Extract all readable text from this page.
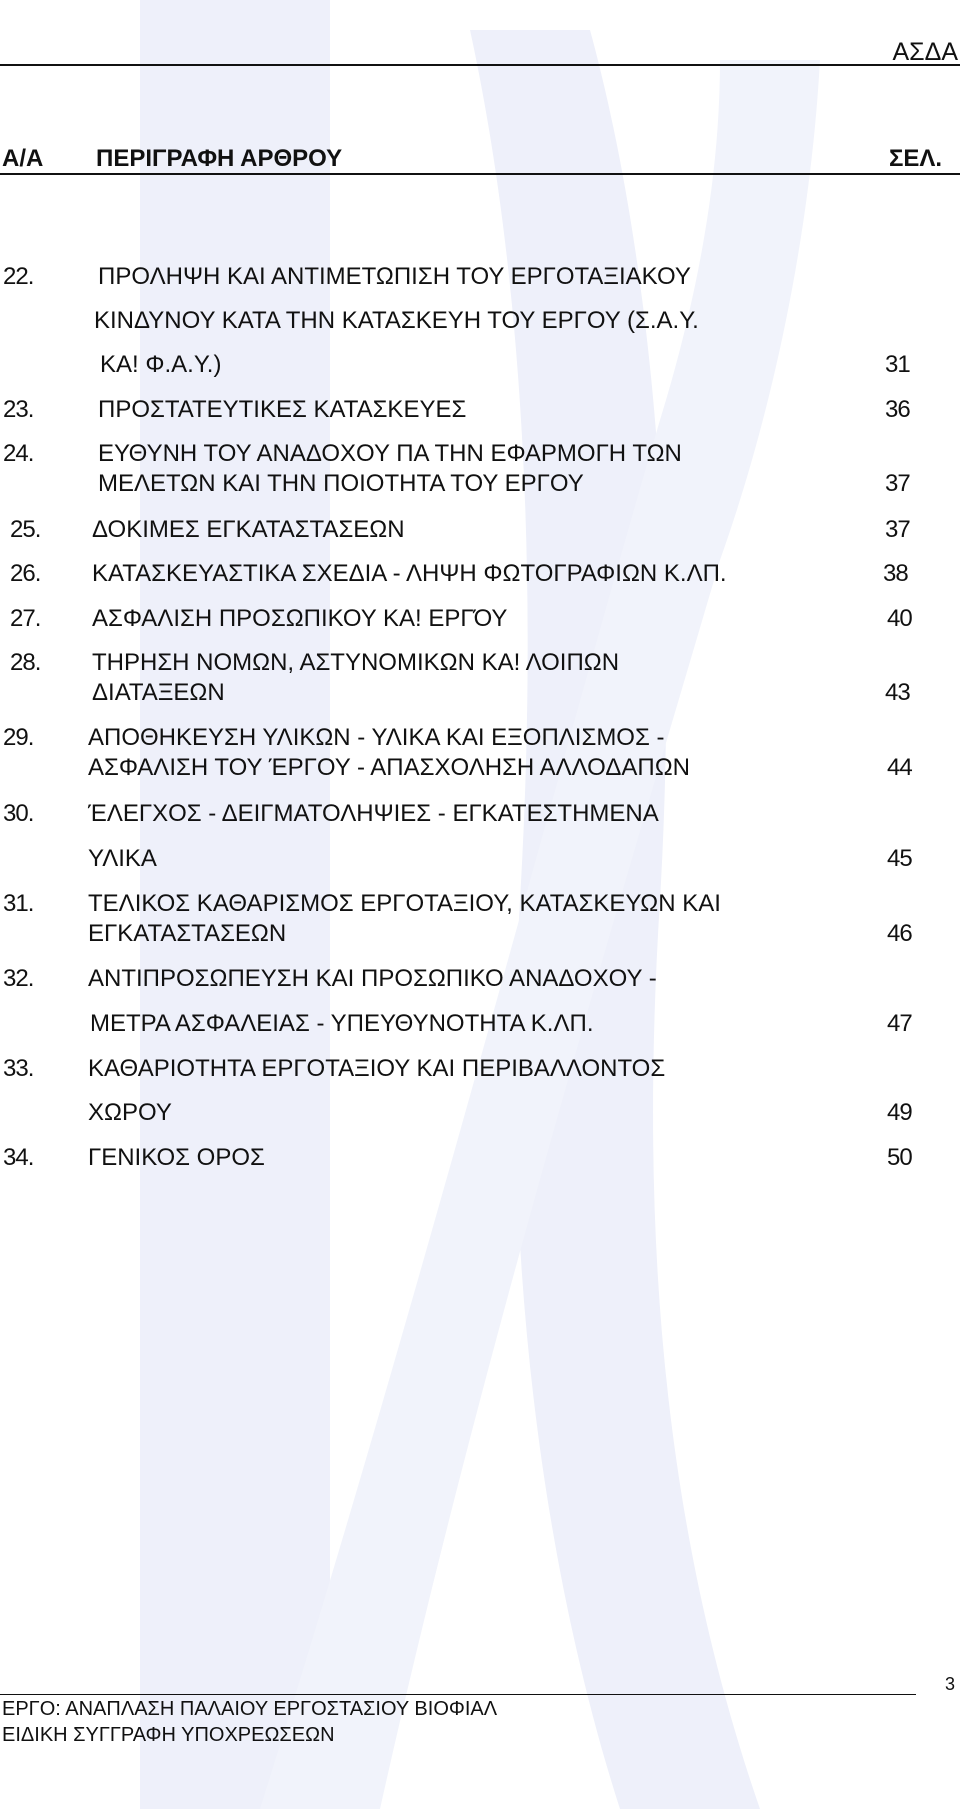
ΑΣΔΑ
Α/Α ΠΕΡΙΓΡΑΦΗ ΑΡΘΡΟΥ	ΣΕΛ.
22.	ΠΡΟΛΗΨΗ ΚΑΙ ΑΝΤΙΜΕΤΩΠΙΣΗ ΤΟΥ ΕΡΓΟΤΑΞΙΑΚΟΥ
ΚΙΝΔΥΝΟΥ ΚΑΤΑ ΤΗΝ ΚΑΤΑΣΚΕΥΗ ΤΟΥ ΕΡΓΟΥ (Σ.Α.Υ.
ΚΑ! Φ.Α.Υ.)	31
23.	ΠΡΟΣΤΑΤΕΥΤΙΚΕΣ ΚΑΤΑΣΚΕΥΕΣ	36
24.	ΕΥΘΥΝΗ ΤΟΥ ΑΝΑΔΟΧΟΥ ΠΑ ΤΗΝ ΕΦΑΡΜΟΓΗ ΤΩΝ
ΜΕΛΕΤΩΝ ΚΑΙ ΤΗΝ ΠΟΙΟΤΗΤΑ ΤΟΥ ΕΡΓΟΥ	37
25. ΔΟΚΙΜΕΣ ΕΓΚΑΤΑΣΤΑΣΕΩΝ	37
26. ΚΑΤΑΣΚΕΥΑΣΤΙΚΑ ΣΧΕΔΙΑ - ΛΗΨΗ ΦΩΤΟΓΡΑΦΙΩΝ Κ.ΛΠ.	38
27. ΑΣΦΑΛΙΣΗ ΠΡΟΣΩΠΙΚΟΥ ΚΑ! ΕΡΓΌΥ	40
28. ΤΗΡΗΣΗ ΝΟΜΩΝ, ΑΣΤΥΝΟΜΙΚΩΝ ΚΑ! ΛΟΙΠΩΝ
ΔΙΑΤΑΞΕΩΝ	43
29. ΑΠΟΘΗΚΕΥΣΗ ΥΛΙΚΩΝ - ΥΛΙΚΑ ΚΑΙ ΕΞΟΠΛΙΣΜΟΣ -
ΑΣΦΑΛΙΣΗ ΤΟΥ ΈΡΓΟΥ - ΑΠΑΣΧΟΛΗΣΗ ΑΛΛΟΔΑΠΩΝ	44
30. ΈΛΕΓΧΟΣ - ΔΕΙΓΜΑΤΟΛΗΨΙΕΣ - ΕΓΚΑΤΕΣΤΗΜΕΝΑ
ΥΛΙΚΑ	45
31. ΤΕΛΙΚΟΣ ΚΑΘΑΡΙΣΜΟΣ ΕΡΓΟΤΑΞΙΟΥ, ΚΑΤΑΣΚΕΥΩΝ ΚΑΙ
ΕΓΚΑΤΑΣΤΑΣΕΩΝ	46
32. ΑΝΤΙΠΡΟΣΩΠΕΥΣΗ ΚΑΙ ΠΡΟΣΩΠΙΚΟ ΑΝΑΔΟΧΟΥ -
ΜΕΤΡΑ ΑΣΦΑΛΕΙΑΣ - ΥΠΕΥΘΥΝΟΤΗΤΑ Κ.ΛΠ.	47
33. ΚΑΘΑΡΙΟΤΗΤΑ ΕΡΓΟΤΑΞΙΟΥ ΚΑΙ ΠΕΡΙΒΑΛΛΟΝΤΟΣ
ΧΩΡΟΥ	49
34. ΓΕΝΙΚΟΣ ΟΡΟΣ	50
ΕΡΓΟ: ΑΝΑΠΛΑΣΗ ΠΑΛΑΙΟΥ ΕΡΓΟΣΤΑΣΙΟΥ ΒΙΟΦΙΑΛ
ΕΙΔΙΚΗ ΣΥΓΓΡΑΦΗ ΥΠΟΧΡΕΩΣΕΩΝ
3
